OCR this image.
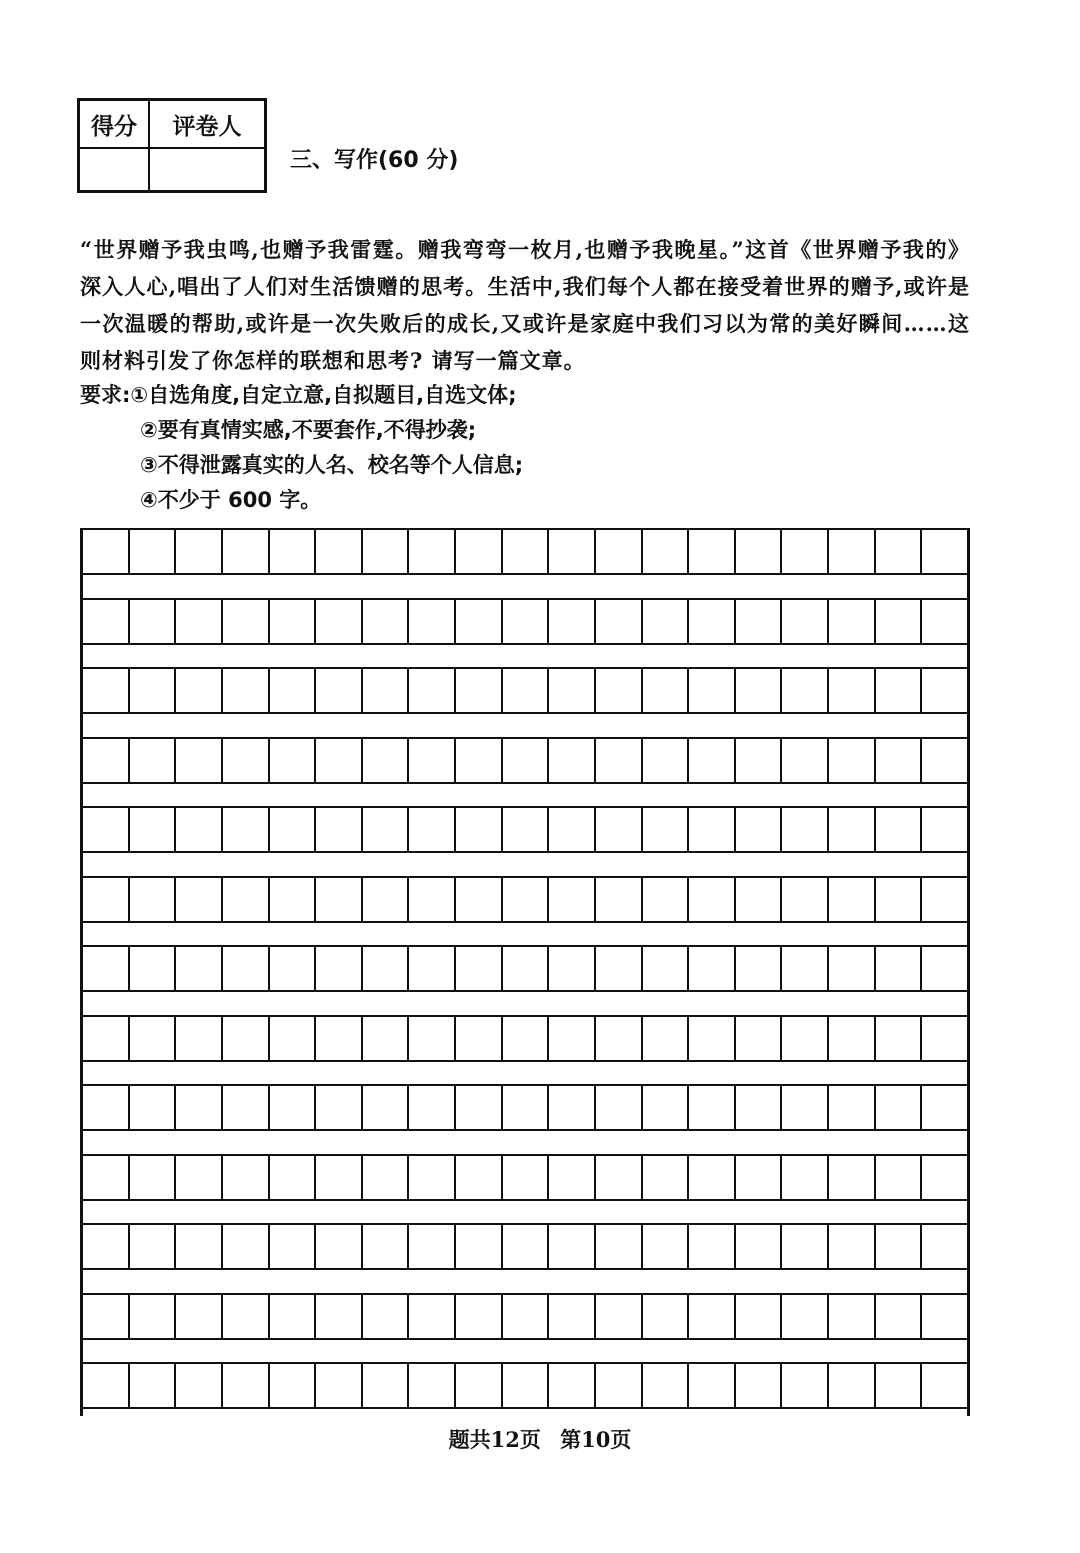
得分	评卷人
三、写作(60 分)
“世界赠予我虫鸣,也赠予我雷霆。赠我弯弯一枚月,也赠予我晚星。”这首《世界赠予我的》深入人心,唱出了人们对生活馈赠的思考。生活中,我们每个人都在接受着世界的赠予,或许是一次温暖的帮助,或许是一次失败后的成长,又或许是家庭中我们习以为常的美好瞬间……这则材料引发了你怎样的联想和思考? 请写一篇文章。
要求:①自选角度,自定立意,自拟题目,自选文体;
②要有真情实感,不要套作,不得抄袭;
③不得泄露真实的人名、校名等个人信息;
④不少于 600 字。
题共12页 第10页
